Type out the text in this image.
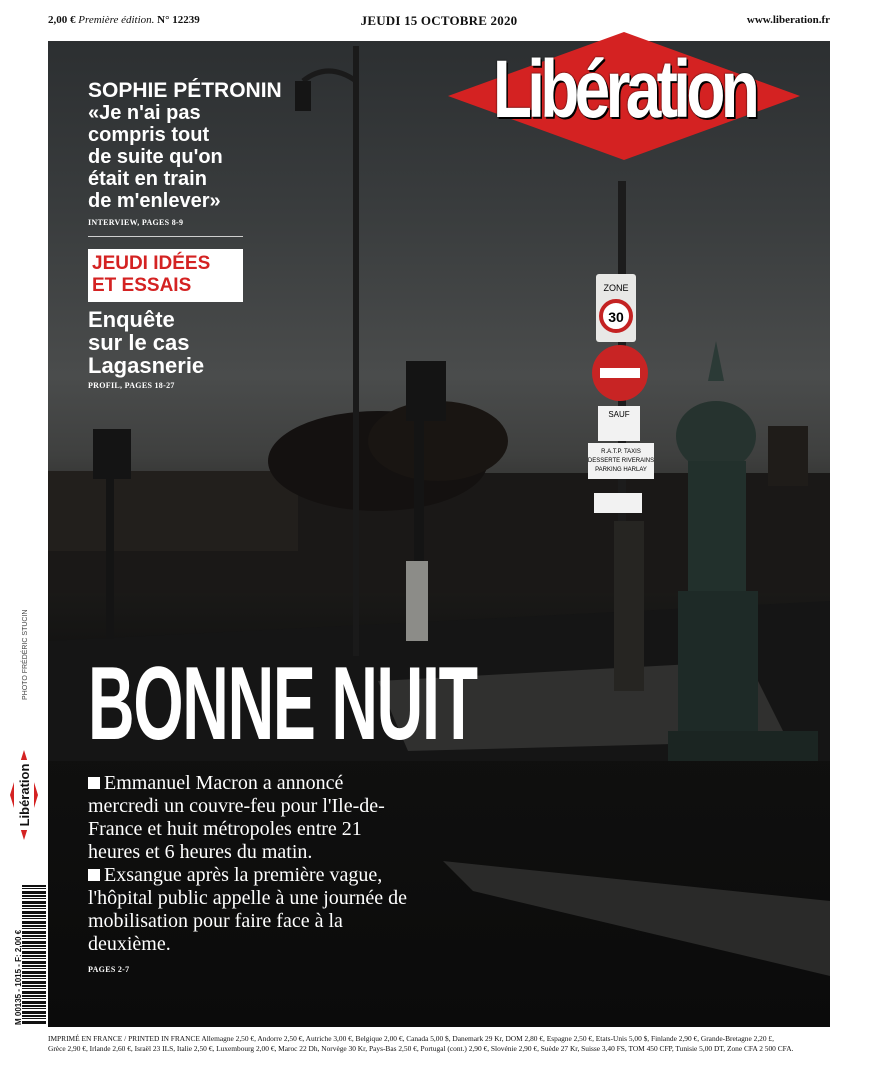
2,00 € Première édition. N° 12239	JEUDI 15 OCTOBRE 2020	www.liberation.fr
ZONE
30
SAUF
R.A.T.P. TAXIS
DESSERTE RIVERAINS
PARKING HARLAY
PHOTO FRÉDÉRIC STUCIN
Libération
M 00135 - 1015 - F: 2,00 €
Libération
SOPHIE PÉTRONIN
«Je n'ai pas
compris tout
de suite qu'on
était en train
de m'enlever»
INTERVIEW, PAGES 8-9
JEUDI IDÉES
ET ESSAIS
Enquête
sur le cas
Lagasnerie
PROFIL, PAGES 18-27
BONNE NUIT

Emmanuel Macron a annoncé mercredi un couvre-feu pour l'Ile-de-France et huit métropoles entre 21 heures et 6 heures du matin.

Exsangue après la première vague, l'hôpital public appelle à une journée de mobilisation pour faire face à la deuxième.

PAGES 2-7
IMPRIMÉ EN FRANCE / PRINTED IN FRANCE Allemagne 2,50 €, Andorre 2,50 €, Autriche 3,00 €, Belgique 2,00 €, Canada 5,00 $, Danemark 29 Kr, DOM 2,80 €, Espagne 2,50 €, Etats-Unis 5,00 $, Finlande 2,90 €, Grande-Bretagne 2,20 £,
Grèce 2,90 €, Irlande 2,60 €, Israël 23 ILS, Italie 2,50 €, Luxembourg 2,00 €, Maroc 22 Dh, Norvège 30 Kr, Pays-Bas 2,50 €, Portugal (cont.) 2,90 €, Slovénie 2,90 €, Suède 27 Kr, Suisse 3,40 FS, TOM 450 CFP, Tunisie 5,00 DT, Zone CFA 2 500 CFA.
